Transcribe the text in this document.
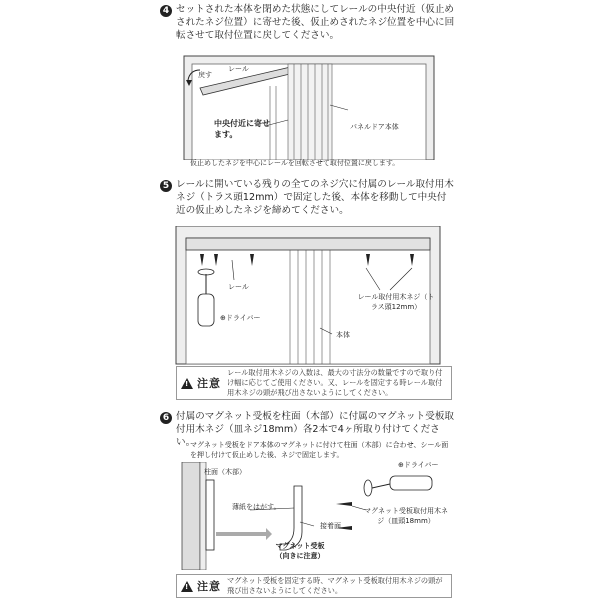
4 セットされた本体を閉めた状態にしてレールの中央付近（仮止めされたネジ位置）に寄せた後、仮止めされたネジ位置を中心に回転させて取付位置に戻してください。
戻す
レール
中央付近に寄せます。
パネルドア本体
仮止めしたネジを中心にレールを回転させて取付位置に戻します。
5 レールに開いている残りの全てのネジ穴に付属のレール取付用木ネジ（トラス頭12mm）で固定した後、本体を移動して中央付近の仮止めしたネジを締めてください。
レール
⊕ドライバー
レール取付用木ネジ（トラス頭12mm）
本体
!
注意
レール取付用木ネジの入数は、最大の寸法分の数量ですので取り付け幅に応じてご使用ください。又、レールを固定する時レール取付用木ネジの頭が飛び出さないようにしてください。
6 付属のマグネット受板を柱面（木部）に付属のマグネット受板取付用木ネジ（皿ネジ18mm）各2本で4ヶ所取り付けてください。
マグネット受板をドア本体のマグネットに付けて柱面（木部）に合わせ、シール面を押し付けて仮止めした後、ネジで固定します。
柱面（木部）
薄紙をはがす。
接着面
マグネット受板（向きに注意）
⊕ドライバー
マグネット受板取付用木ネジ（皿頭18mm）
!
注意 マグネット受板を固定する時、マグネット受板取付用木ネジの頭が飛び出さないようにしてください。
